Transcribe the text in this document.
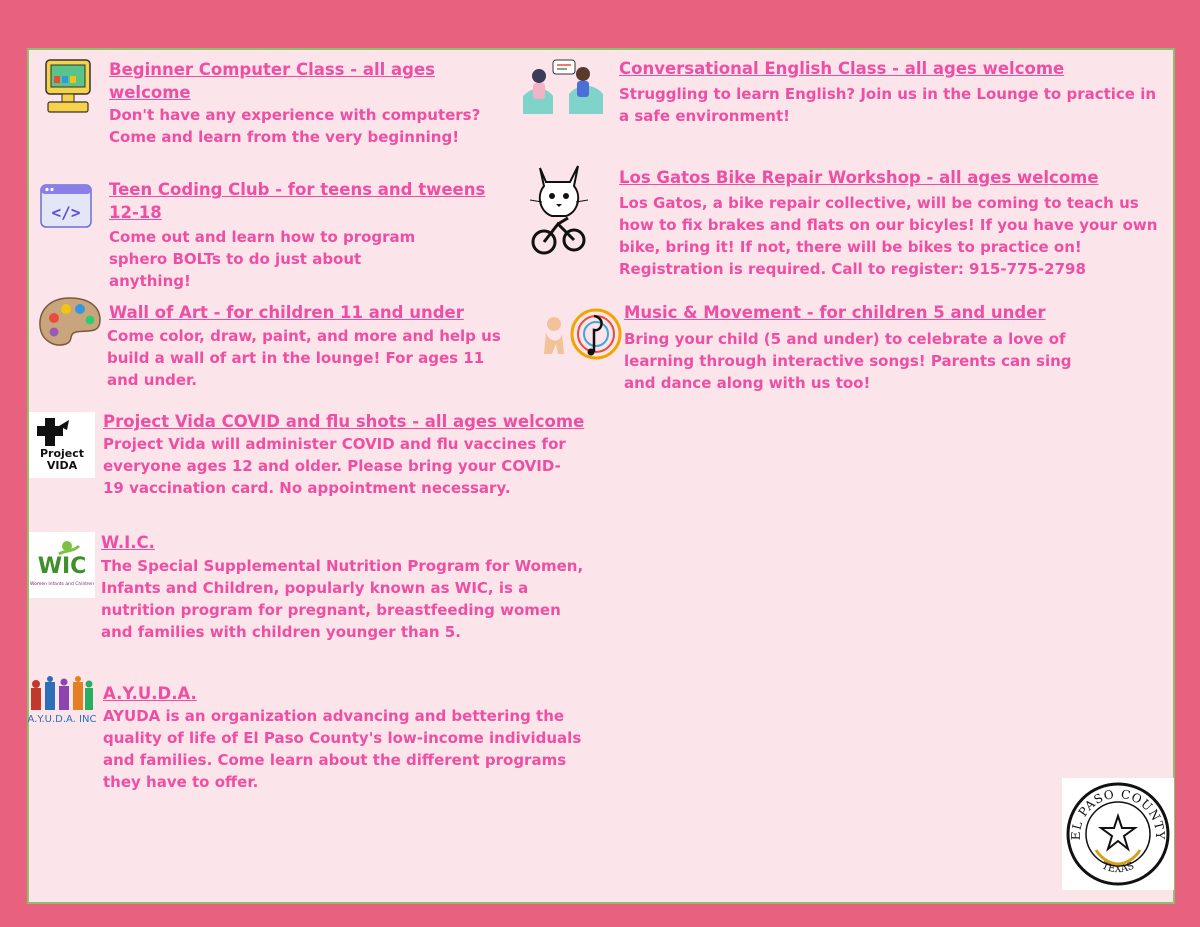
Beginner Computer Class - all ages welcome
Don't have any experience with computers? Come and learn from the very beginning!
</>
Teen Coding Club - for teens and tweens 12-18
Come out and learn how to program sphero BOLTs to do just about anything!
Wall of Art - for children 11 and under
Come color, draw, paint, and more and help us build a wall of art in the lounge! For ages 11 and under.
Project VIDA
Project Vida COVID and flu shots - all ages welcome
Project Vida will administer COVID and flu vaccines for everyone ages 12 and older. Please bring your COVID-19 vaccination card. No appointment necessary.
WIC
Women Infants and Children
W.I.C.
The Special Supplemental Nutrition Program for Women, Infants and Children, popularly known as WIC, is a nutrition program for pregnant, breastfeeding women and families with children younger than 5.
A.Y.U.D.A. INC
A.Y.U.D.A.
AYUDA is an organization advancing and bettering the quality of life of El Paso County's low-income individuals and families. Come learn about the different programs they have to offer.
Conversational English Class - all ages welcome
Struggling to learn English? Join us in the Lounge to practice in a safe environment!
Los Gatos Bike Repair Workshop - all ages welcome
Los Gatos, a bike repair collective, will be coming to teach us how to fix brakes and flats on our bicyles! If you have your own bike, bring it! If not, there will be bikes to practice on! Registration is required. Call to register: 915-775-2798
Music & Movement - for children 5 and under
Bring your child (5 and under) to celebrate a love of learning through interactive songs! Parents can sing and dance along with us too!
EL PASO COUNTY
TEXAS
